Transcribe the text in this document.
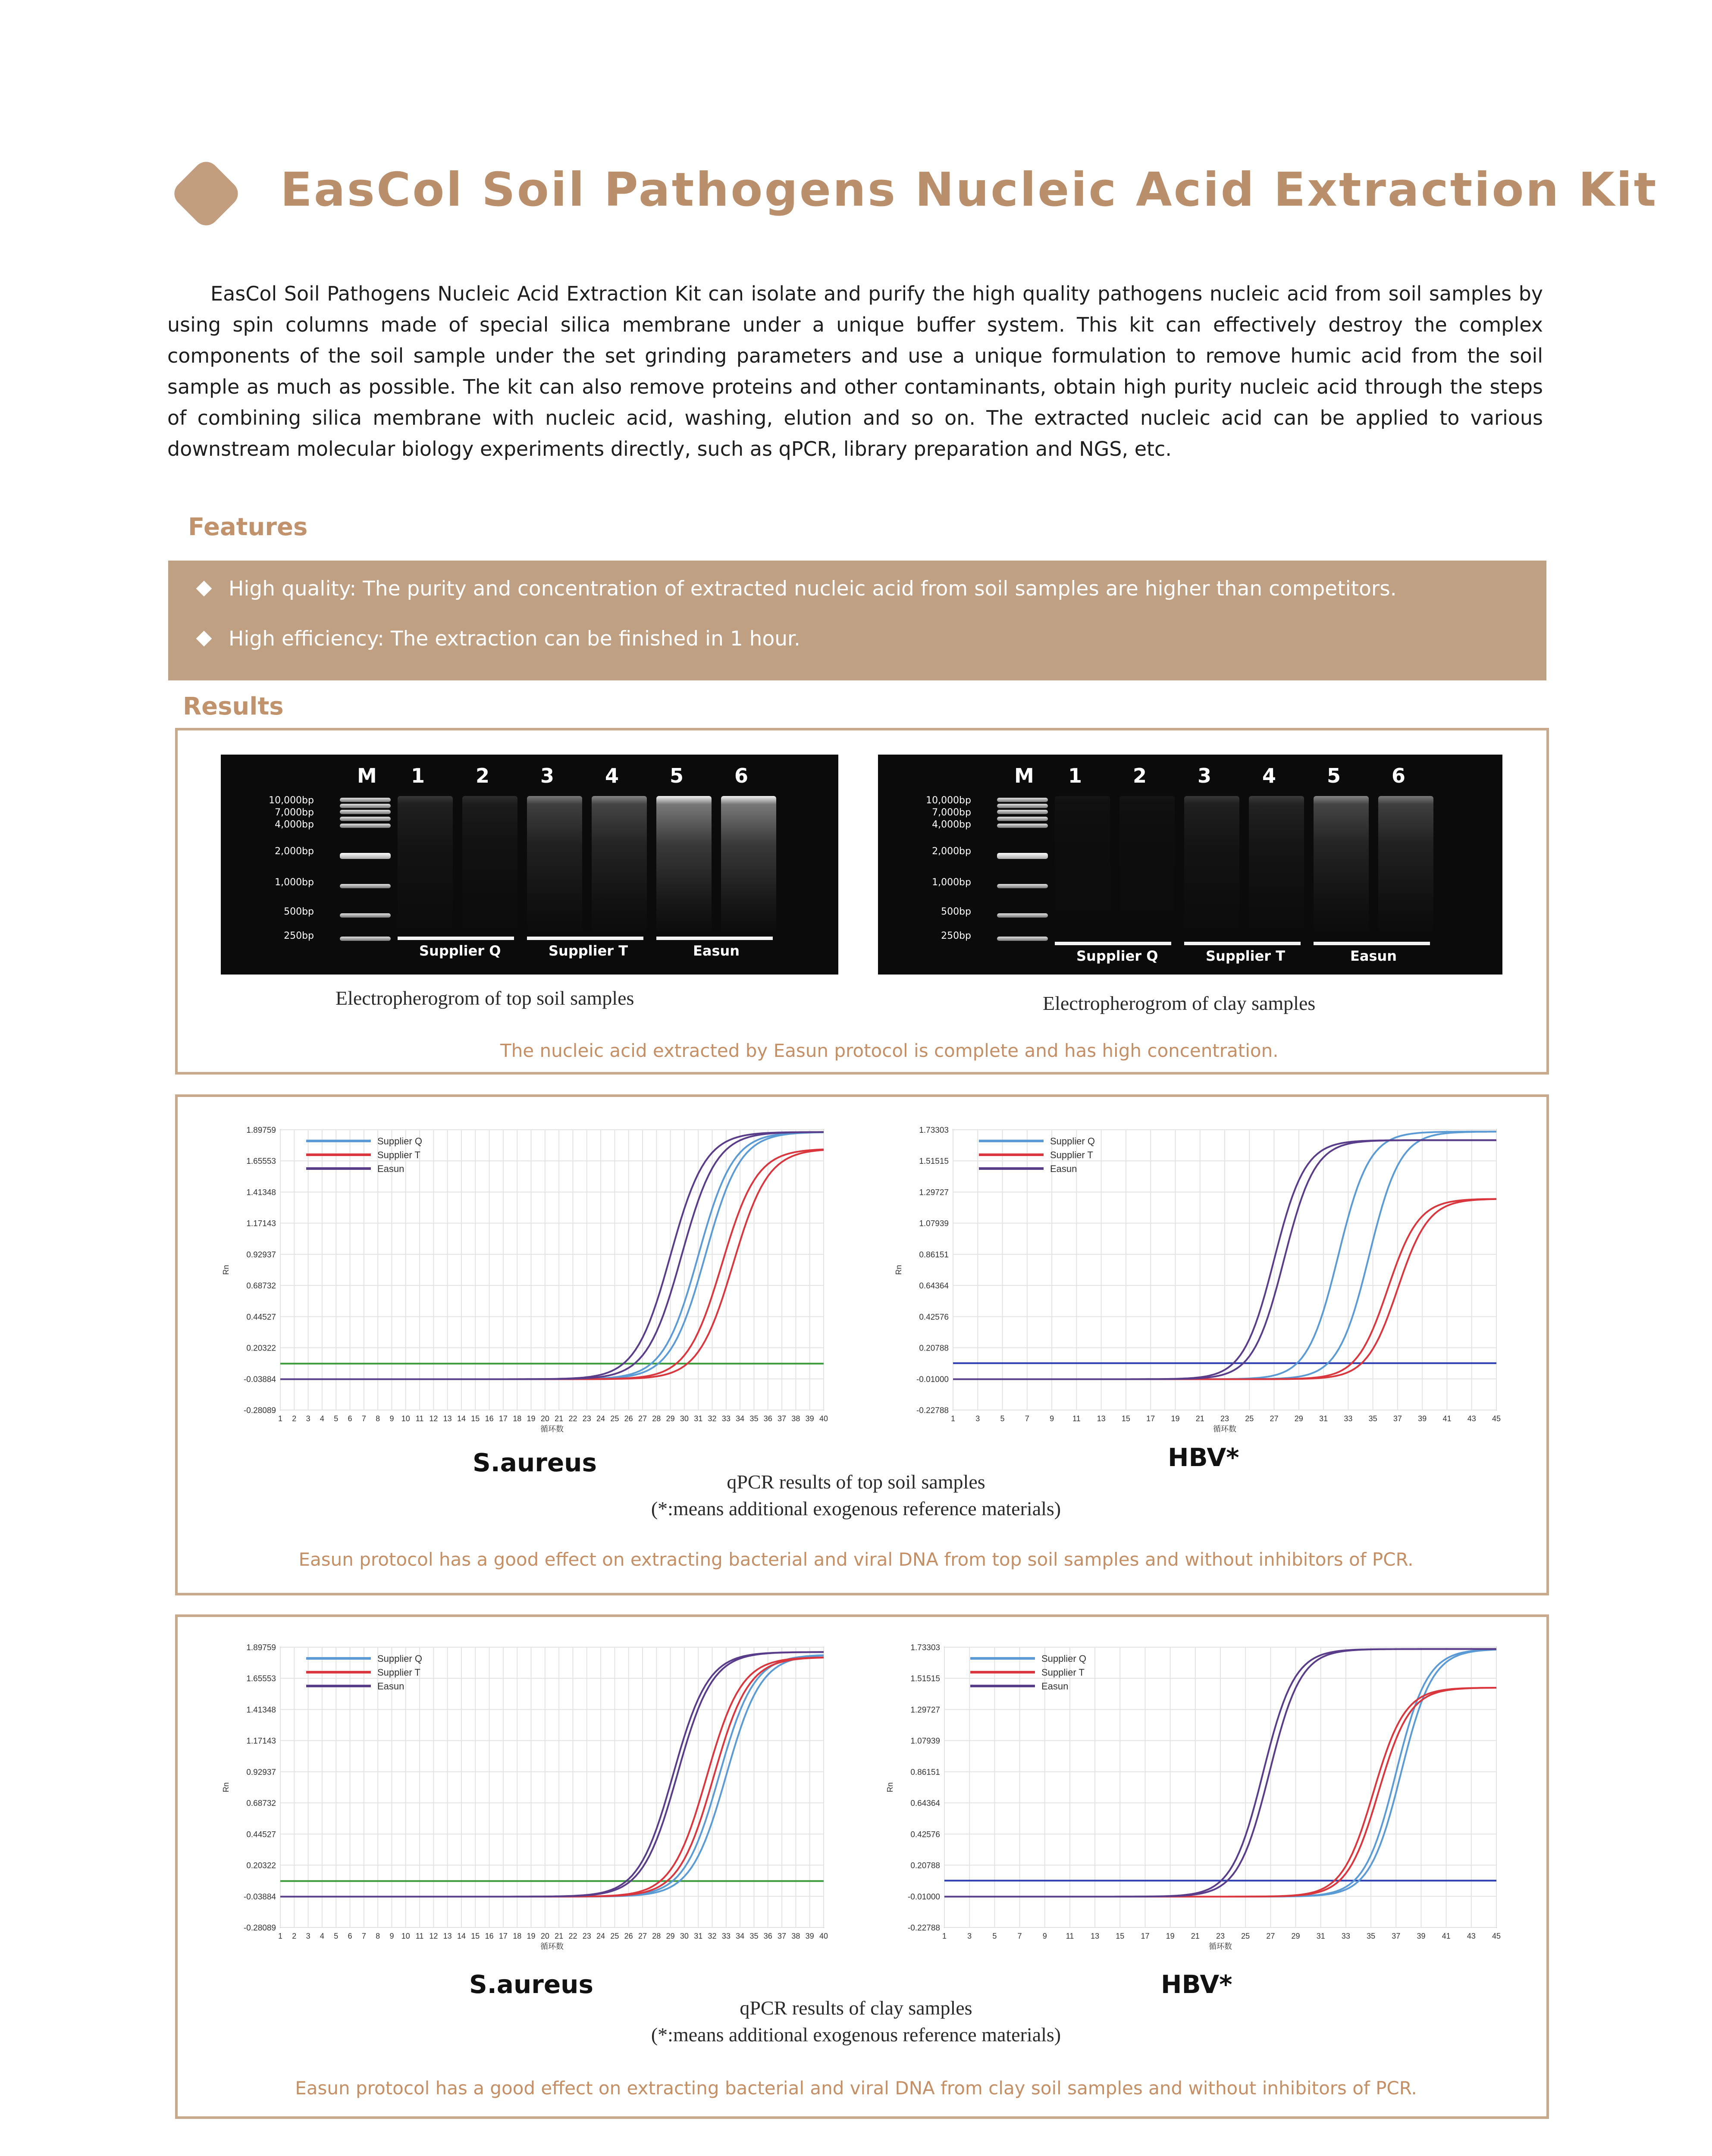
EasCol Soil Pathogens Nucleic Acid Extraction Kit
EasCol Soil Pathogens Nucleic Acid Extraction Kit can isolate and purify the high quality pathogens nucleic acid from soil samples by using spin columns made of special silica membrane under a unique buffer system. This kit can effectively destroy the complex components of the soil sample under the set grinding parameters and use a unique formulation to remove humic acid from the soil sample as much as possible. The kit can also remove proteins and other contaminants, obtain high purity nucleic acid through the steps of combining silica membrane with nucleic acid, washing, elution and so on. The extracted nucleic acid can be applied to various downstream molecular biology experiments directly, such as qPCR, library preparation and NGS, etc.
Features
High quality: The purity and concentration of extracted nucleic acid from soil samples are higher than competitors.
High efficiency: The extraction can be finished in 1 hour.
Results
M 1	2	3	4	5	6
10,000bp
7,000bp
4,000bp
2,000bp
1,000bp
500bp
250bp
Supplier Q	Supplier T	Easun
M 1	2	3	4	5	6
10,000bp
7,000bp
4,000bp
2,000bp
1,000bp
500bp
250bp
Supplier Q	Supplier T	Easun
Electropherogrom of top soil samples	Electropherogrom of clay samples
The nucleic acid extracted by Easun protocol is complete and has high concentration.
1.89759
1.65553
1.41348
1.17143
0.92937
0.68732
0.44527
0.20322
-0.03884
-0.28089
1 2 3 4 5 6 7 8 9 10 11 12 13 14 15 16 17 18 19 20 21 22 23 24 25 26 27 28 29 30 31 32 33 34 35 36 37 38 39 40
Rn
循环数
Supplier Q
Supplier T
Easun
1.73303
1.51515
1.29727
1.07939
0.86151
0.64364
0.42576
0.20788
-0.01000
-0.22788
1	3	5	7	9 11 13 15 17 19 21 23 25 27 29 31 33 35 37 39 41 43 45
Rn
循环数
Supplier Q
Supplier T
Easun
S.aureus	HBV*
qPCR results of top soil samples
(*:means additional exogenous reference materials)
Easun protocol has a good effect on extracting bacterial and viral DNA from top soil samples and without inhibitors of PCR.
1.89759
1.65553
1.41348
1.17143
0.92937
0.68732
0.44527
0.20322
-0.03884
-0.28089
1 2 3 4 5 6 7 8 9 10 11 12 13 14 15 16 17 18 19 20 21 22 23 24 25 26 27 28 29 30 31 32 33 34 35 36 37 38 39 40
Rn
循环数
Supplier Q
Supplier T
Easun
1.73303
1.51515
1.29727
1.07939
0.86151
0.64364
0.42576
0.20788
-0.01000
-0.22788
1	3	5	7	9 11 13 15 17 19 21 23 25 27 29 31 33 35 37 39 41 43 45
Rn
循环数
Supplier Q
Supplier T
Easun
S.aureus	HBV*
qPCR results of clay samples
(*:means additional exogenous reference materials)
Easun protocol has a good effect on extracting bacterial and viral DNA from clay soil samples and without inhibitors of PCR.
